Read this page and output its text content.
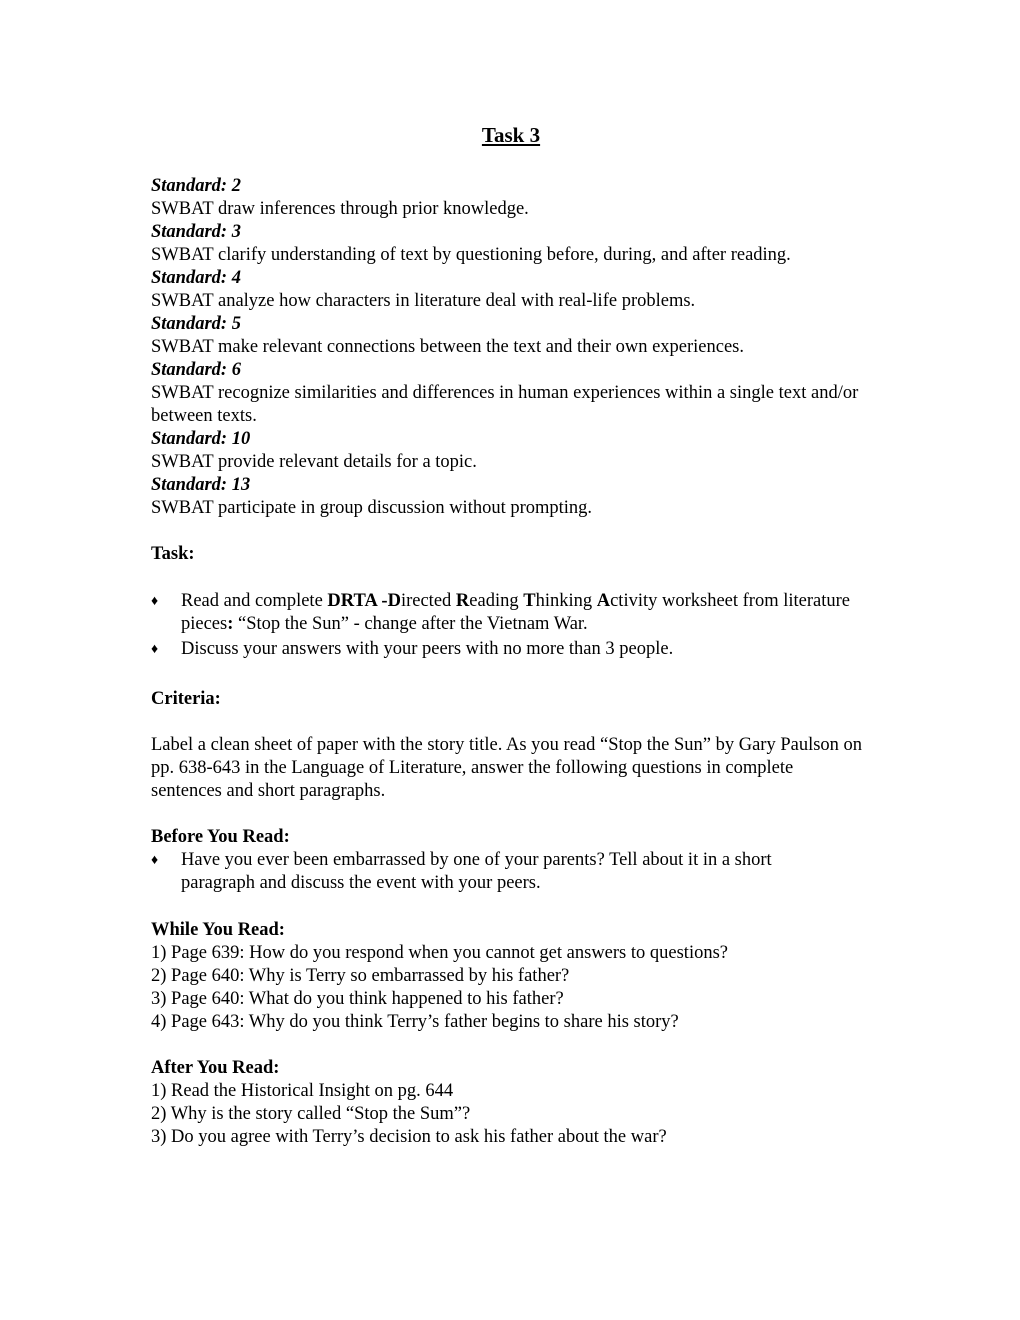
Task 3
Standard: 2
SWBAT draw inferences through prior knowledge.
Standard: 3
SWBAT clarify understanding of text by questioning before, during, and after reading.
Standard: 4
SWBAT analyze how characters in literature deal with real-life problems.
Standard: 5
SWBAT make relevant connections between the text and their own experiences.
Standard: 6
SWBAT recognize similarities and differences in human experiences within a single text and/or between texts.
Standard: 10
SWBAT provide relevant details for a topic.
Standard: 13
SWBAT participate in group discussion without prompting.
Task:
♦ Read and complete DRTA -Directed Reading Thinking Activity worksheet from literature pieces: “Stop the Sun” - change after the Vietnam War.
♦ Discuss your answers with your peers with no more than 3 people.
Criteria:
Label a clean sheet of paper with the story title. As you read “Stop the Sun” by Gary Paulson on pp. 638-643 in the Language of Literature, answer the following questions in complete sentences and short paragraphs.
Before You Read:
♦ Have you ever been embarrassed by one of your parents? Tell about it in a short paragraph and discuss the event with your peers.
While You Read:
1) Page 639: How do you respond when you cannot get answers to questions?
2) Page 640: Why is Terry so embarrassed by his father?
3) Page 640: What do you think happened to his father?
4) Page 643: Why do you think Terry’s father begins to share his story?
After You Read:
1) Read the Historical Insight on pg. 644
2) Why is the story called “Stop the Sum”?
3) Do you agree with Terry’s decision to ask his father about the war?
